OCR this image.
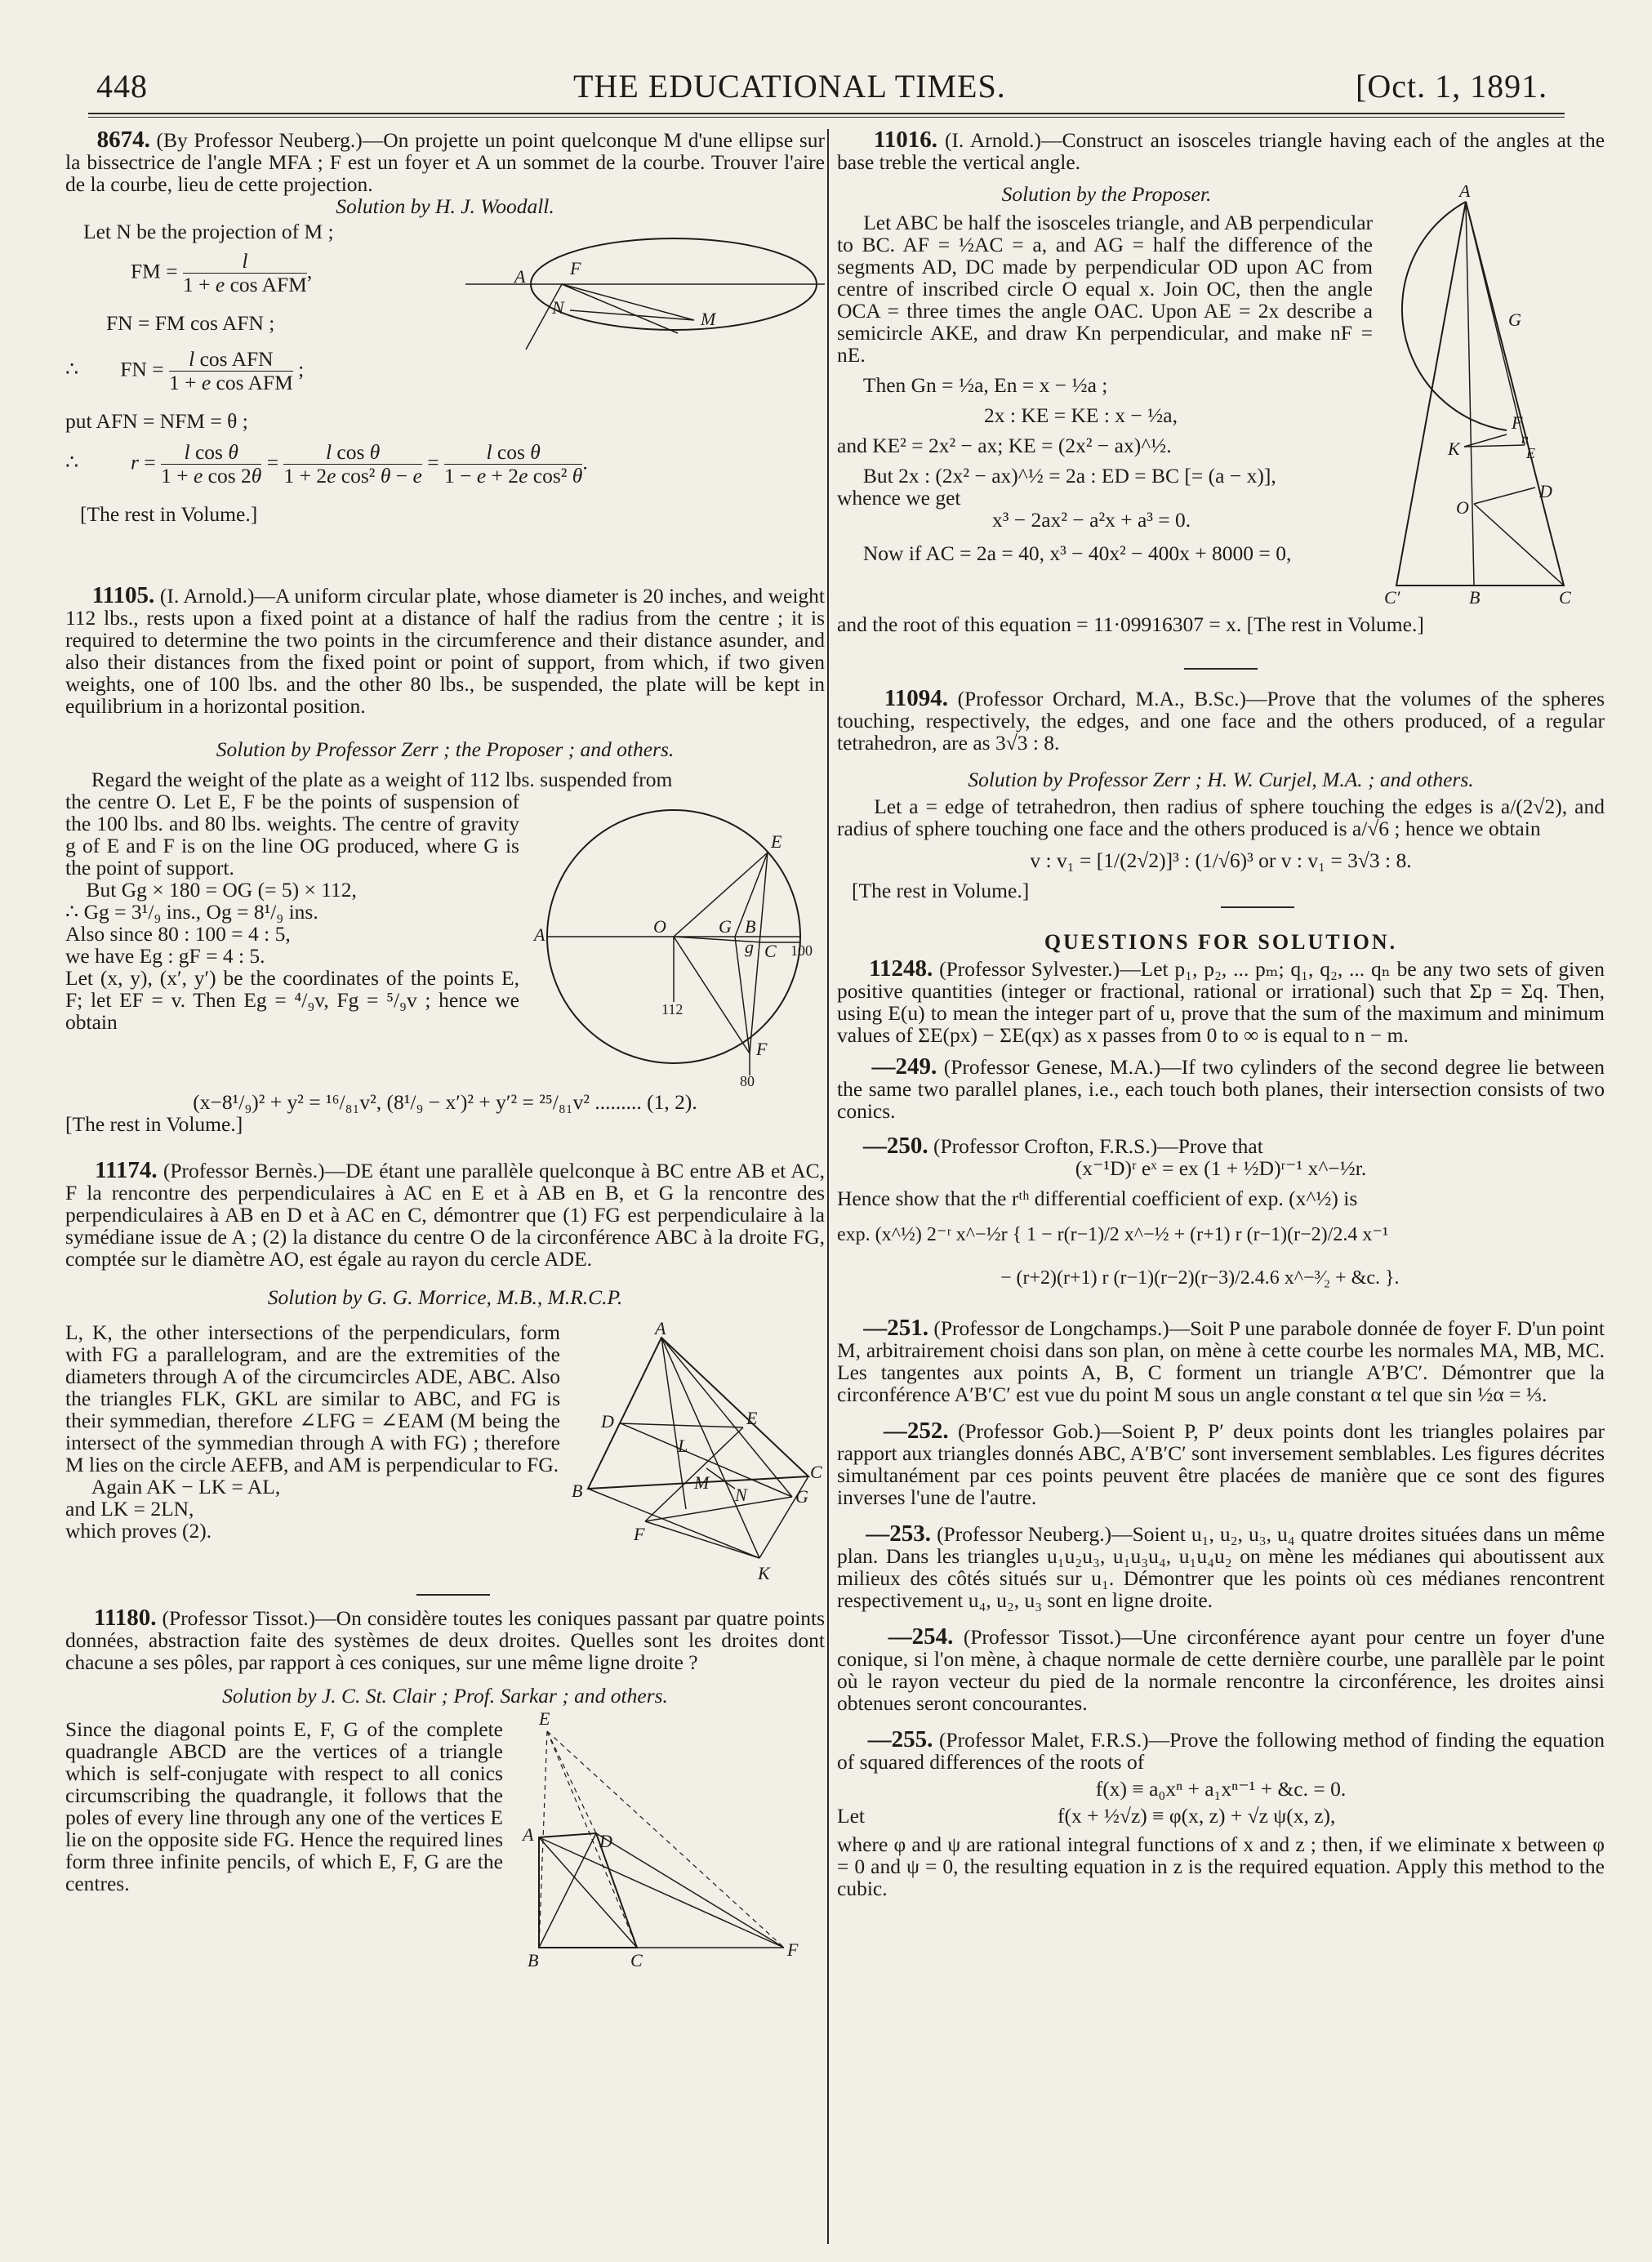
448	THE EDUCATIONAL TIMES.	[Oct. 1, 1891.

8674. (By Professor Neuberg.)—On projette un point quelconque M d'une ellipse sur la bissectrice de l'angle MFA ; F est un foyer et A un sommet de la courbe. Trouver l'aire de la courbe, lieu de cette projection.

Solution by H. J. Woodall.

A F
N
M

Let N be the projection of M ;

FM = $\frac{l}{\text{1 + e cos AFM}}$ ,

FN = FM cos AFN ;

∴        FN = $\frac{\text{l cos AFN}}{\text{1 + e cos AFM}}$ ;

put AFN = NFM = θ ;

∴          $r = \frac{\text{l cos θ}}{\text{1 + e cos 2θ}} = \frac{\text{l cos θ}}{\text{1 + 2e cos² θ − e}} = \frac{\text{l cos θ}}{\text{1 − e + 2e cos² θ}}$ .

[The rest in Volume.]

11105. (I. Arnold.)—A uniform circular plate, whose diameter is 20 inches, and weight 112 lbs., rests upon a fixed point at a distance of half the radius from the centre ; it is required to determine the two points in the circumference and their distance asunder, and also their distances from the fixed point or point of support, from which, if two given weights, one of 100 lbs. and the other 80 lbs., be suspended, the plate will be kept in equilibrium in a horizontal position.

Solution by Professor Zerr ; the Proposer ; and others.

Regard the weight of the plate as a weight of 112 lbs. suspended from

A	O	G B
g C
E
F
100
112
80

the centre O. Let E, F be the points of suspension of the 100 lbs. and 80 lbs. weights. The centre of gravity g of E and F is on the line OG produced, where G is the point of support.

But Gg × 180 = OG (= 5) × 112,

∴ Gg = 3¹/₉ ins., Og = 8¹/₉ ins.

Also since 80 : 100 = 4 : 5,

we have Eg : gF = 4 : 5.

Let (x, y), (x′, y′) be the coordinates of the points E, F; let EF = v. Then Eg = ⁴/₉v, Fg = ⁵/₉v ; hence we obtain

(x−8¹/₉)² + y² = ¹⁶/₈₁v², (8¹/₉ − x′)² + y′² = ²⁵/₈₁v² ......... (1, 2).

[The rest in Volume.]

11174. (Professor Bernès.)—DE étant une parallèle quelconque à BC entre AB et AC, F la rencontre des perpendiculaires à AC en E et à AB en B, et G la rencontre des perpendiculaires à AB en D et à AC en C, démontrer que (1) FG est perpendiculaire à la symédiane issue de A ; (2) la distance du centre O de la circonférence ABC à la droite FG, comptée sur le diamètre AO, est égale au rayon du cercle ADE.

Solution by G. G. Morrice, M.B., M.R.C.P.

A
D	E
L
B	M
N
C
G
F
K

L, K, the other intersections of the perpendiculars, form with FG a parallelogram, and are the extremities of the diameters through A of the circumcircles ADE, ABC. Also the triangles FLK, GKL are similar to ABC, and FG is their symmedian, therefore ∠LFG = ∠EAM (M being the intersect of the symmedian through A with FG) ; therefore M lies on the circle AEFB, and AM is perpendicular to FG.

Again AK − LK = AL,

and LK = 2LN,

which proves (2).

11180. (Professor Tissot.)—On considère toutes les coniques passant par quatre points données, abstraction faite des systèmes de deux droites. Quelles sont les droites dont chacune a ses pôles, par rapport à ces coniques, sur une même ligne droite ?

Solution by J. C. St. Clair ; Prof. Sarkar ; and others.

E
A	D
B	C
F

Since the diagonal points E, F, G of the complete quadrangle ABCD are the vertices of a triangle which is self-conjugate with respect to all conics circumscribing the quadrangle, it follows that the poles of every line through any one of the vertices E lie on the opposite side FG. Hence the required lines form three infinite pencils, of which E, F, G are the centres.

11016. (I. Arnold.)—Construct an isosceles triangle having each of the angles at the base treble the vertical angle.

Solution by the Proposer.	A
G
F
n
E
K
O
D
C′	B	C

Let ABC be half the isosceles triangle, and AB perpendicular to BC. AF = ½AC = a, and AG = half the difference of the segments AD, DC made by perpendicular OD upon AC from centre of inscribed circle O equal x. Join OC, then the angle OCA = three times the angle OAC. Upon AE = 2x describe a semicircle AKE, and draw Kn perpendicular, and make nF = nE.

Then Gn = ½a, En = x − ½a ;

2x : KE = KE : x − ½a,

and KE² = 2x² − ax; KE = (2x² − ax)^½.

But 2x : (2x² − ax)^½ = 2a : ED = BC [= (a − x)],

whence we get

x³ − 2ax² − a²x + a³ = 0.

Now if AC = 2a = 40, x³ − 40x² − 400x + 8000 = 0,

and the root of this equation = 11·09916307 = x. [The rest in Volume.]

11094. (Professor Orchard, M.A., B.Sc.)—Prove that the volumes of the spheres touching, respectively, the edges, and one face and the others produced, of a regular tetrahedron, are as 3√3 : 8.

Solution by Professor Zerr ; H. W. Curjel, M.A. ; and others.

Let a = edge of tetrahedron, then radius of sphere touching the edges is a/(2√2), and radius of sphere touching one face and the others produced is a/√6 ; hence we obtain

v : v₁ = [1/(2√2)]³ : (1/√6)³ or v : v₁ = 3√3 : 8.

[The rest in Volume.]

QUESTIONS FOR SOLUTION.

11248. (Professor Sylvester.)—Let p₁, p₂, ... pₘ; q₁, q₂, ... qₙ be any two sets of given positive quantities (integer or fractional, rational or irrational) such that Σp = Σq. Then, using E(u) to mean the integer part of u, prove that the sum of the maximum and minimum values of ΣE(px) − ΣE(qx) as x passes from 0 to ∞ is equal to n − m.

—249. (Professor Genese, M.A.)—If two cylinders of the second degree lie between the same two parallel planes, i.e., each touch both planes, their intersection consists of two conics.

—250. (Professor Crofton, F.R.S.)—Prove that

(x⁻¹D)ʳ eˣ = ex (1 + ½D)ʳ⁻¹ x^−½r.

Hence show that the rᵗʰ differential coefficient of exp. (x^½) is

exp. (x^½) 2⁻ʳ x^−½r { 1 − r(r−1)/2 x^−½ + (r+1) r (r−1)(r−2)/2.4 x⁻¹

− (r+2)(r+1) r (r−1)(r−2)(r−3)/2.4.6 x^−³⁄₂ + &c. }.

—251. (Professor de Longchamps.)—Soit P une parabole donnée de foyer F. D'un point M, arbitrairement choisi dans son plan, on mène à cette courbe les normales MA, MB, MC. Les tangentes aux points A, B, C forment un triangle A′B′C′. Démontrer que la circonférence A′B′C′ est vue du point M sous un angle constant α tel que sin ½α = ⅓.

—252. (Professor Gob.)—Soient P, P′ deux points dont les triangles polaires par rapport aux triangles donnés ABC, A′B′C′ sont inversement semblables. Les figures décrites simultanément par ces points peuvent être placées de manière que ce sont des figures inverses l'une de l'autre.

—253. (Professor Neuberg.)—Soient u₁, u₂, u₃, u₄ quatre droites situées dans un même plan. Dans les triangles u₁u₂u₃, u₁u₃u₄, u₁u₄u₂ on mène les médianes qui aboutissent aux milieux des côtés situés sur u₁. Démontrer que les points où ces médianes rencontrent respectivement u₄, u₂, u₃ sont en ligne droite.

—254. (Professor Tissot.)—Une circonférence ayant pour centre un foyer d'une conique, si l'on mène, à chaque normale de cette dernière courbe, une parallèle par le point où le rayon vecteur du pied de la normale rencontre la circonférence, les droites ainsi obtenues seront concourantes.

—255. (Professor Malet, F.R.S.)—Prove the following method of finding the equation of squared differences of the roots of

f(x) ≡ a₀xⁿ + a₁xⁿ⁻¹ + &c. = 0.

Let	f(x + ½√z) ≡ φ(x, z) + √z ψ(x, z),

where φ and ψ are rational integral functions of x and z ; then, if we eliminate x between φ = 0 and ψ = 0, the resulting equation in z is the required equation. Apply this method to the cubic.
